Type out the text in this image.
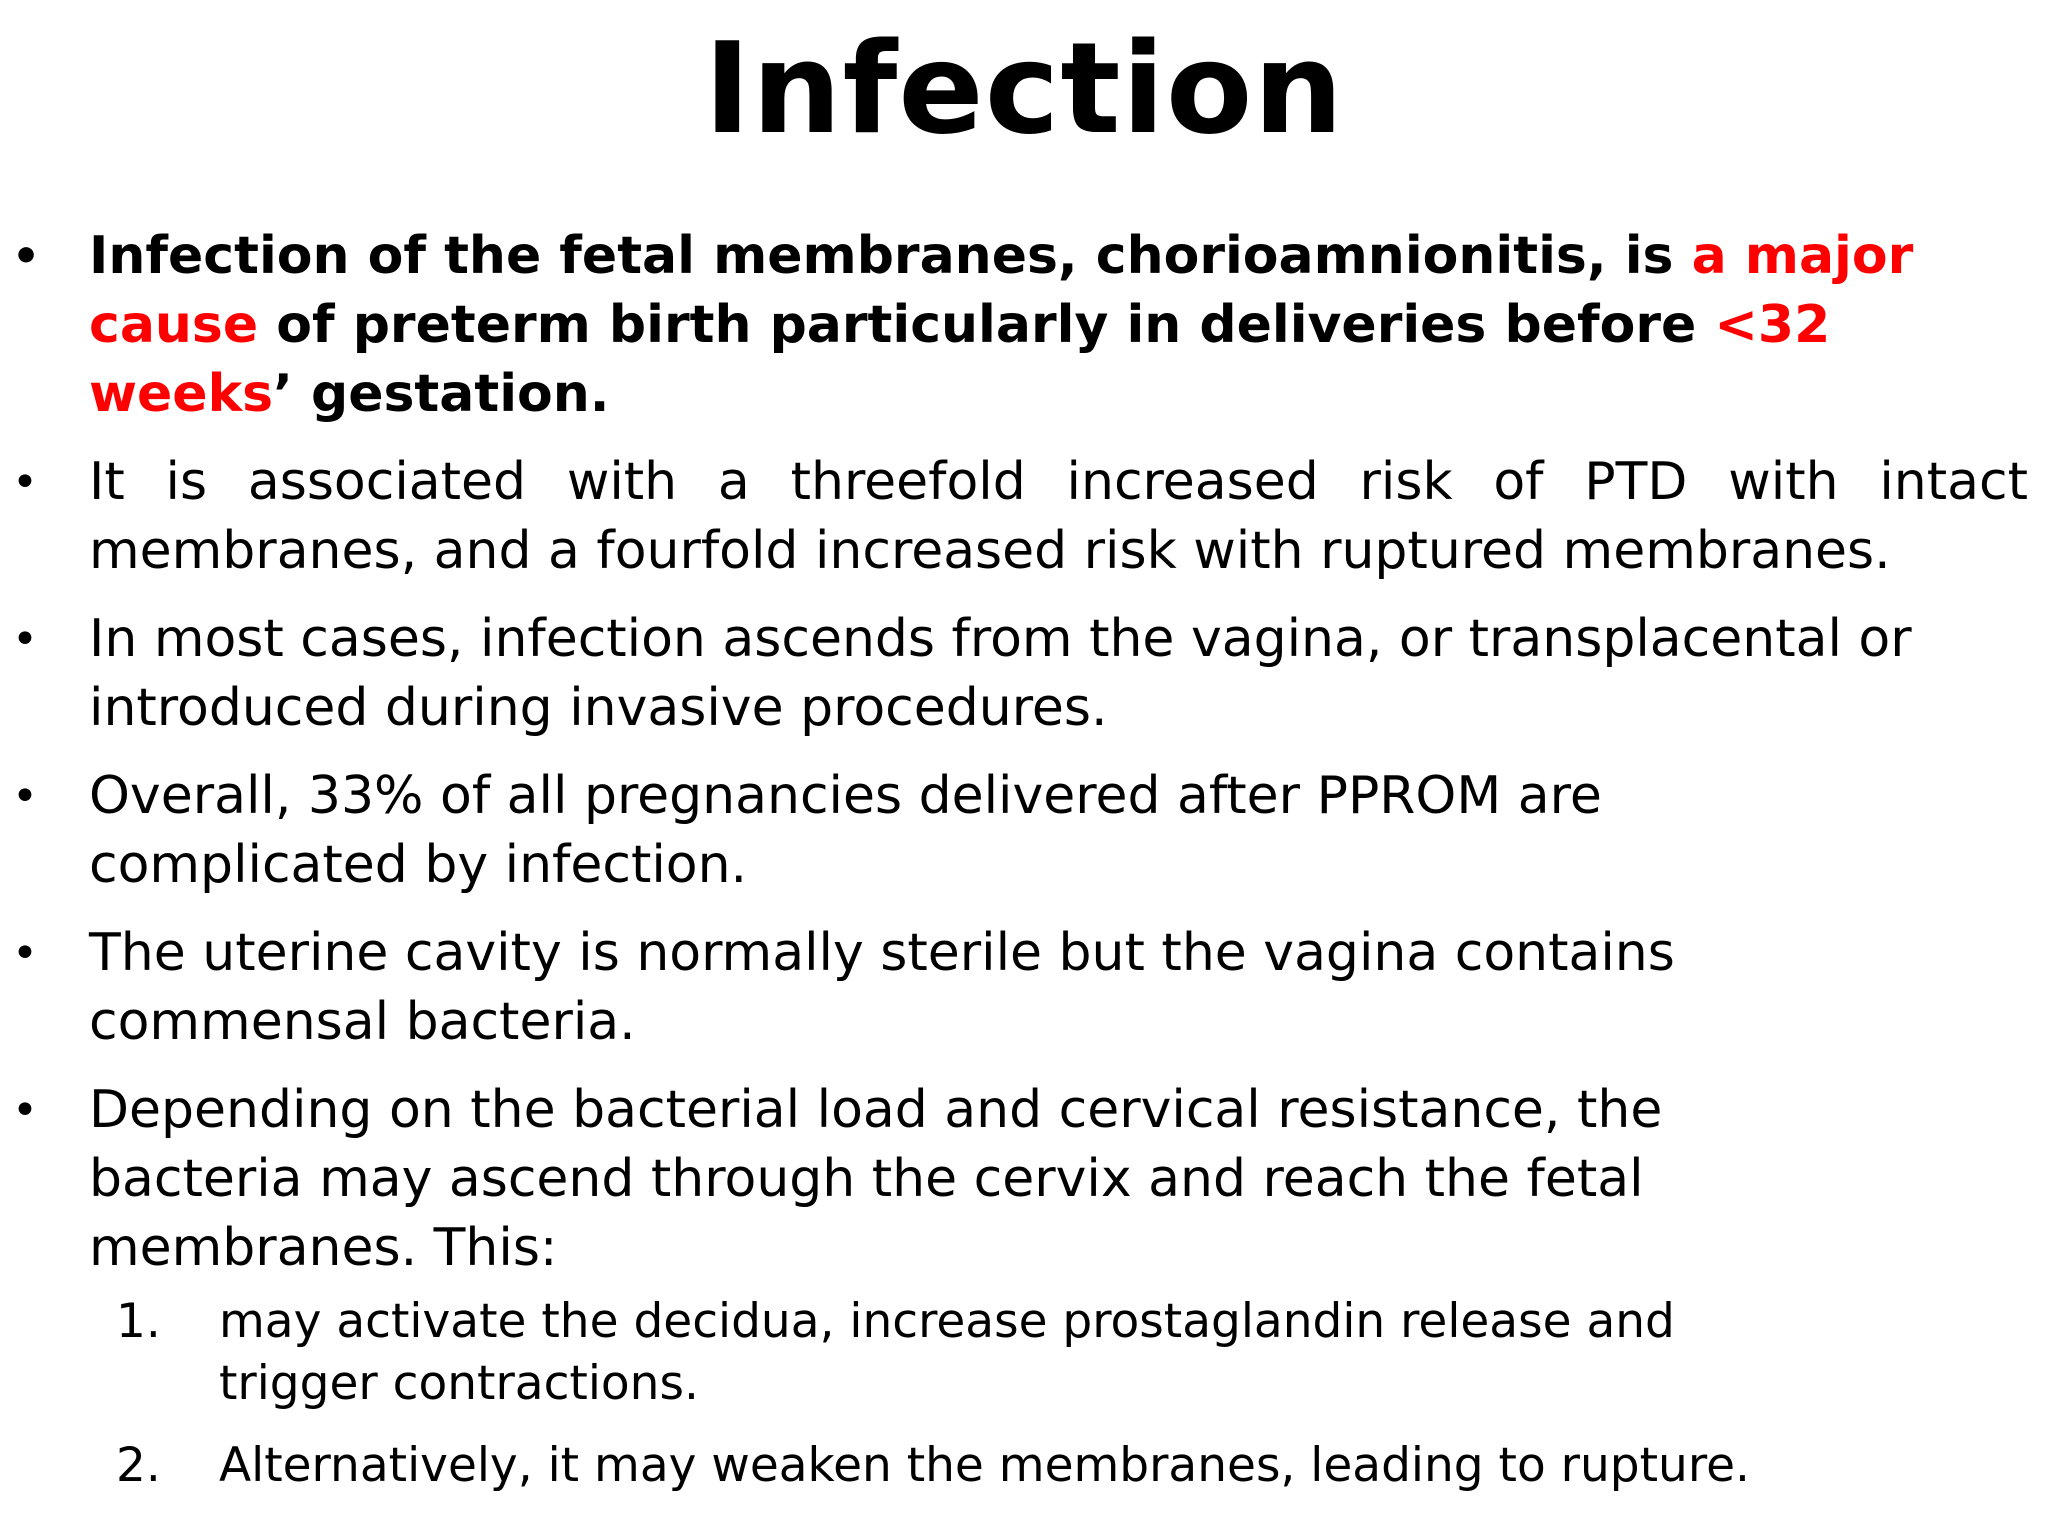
Infection
• Infection of the fetal membranes, chorioamnionitis, is a major cause of preterm birth particularly in deliveries before <32 weeks’ gestation.
• It is associated with a threefold increased risk of PTD with intact membranes, and a fourfold increased risk with ruptured membranes.
• In most cases, infection ascends from the vagina, or transplacental or introduced during invasive procedures.
• Overall, 33% of all pregnancies delivered after PPROM are complicated by infection.
• The uterine cavity is normally sterile but the vagina contains commensal bacteria.
• Depending on the bacterial load and cervical resistance, the bacteria may ascend through the cervix and reach the fetal membranes. This:
1. may activate the decidua, increase prostaglandin release and trigger contractions.
2. Alternatively, it may weaken the membranes, leading to rupture.
